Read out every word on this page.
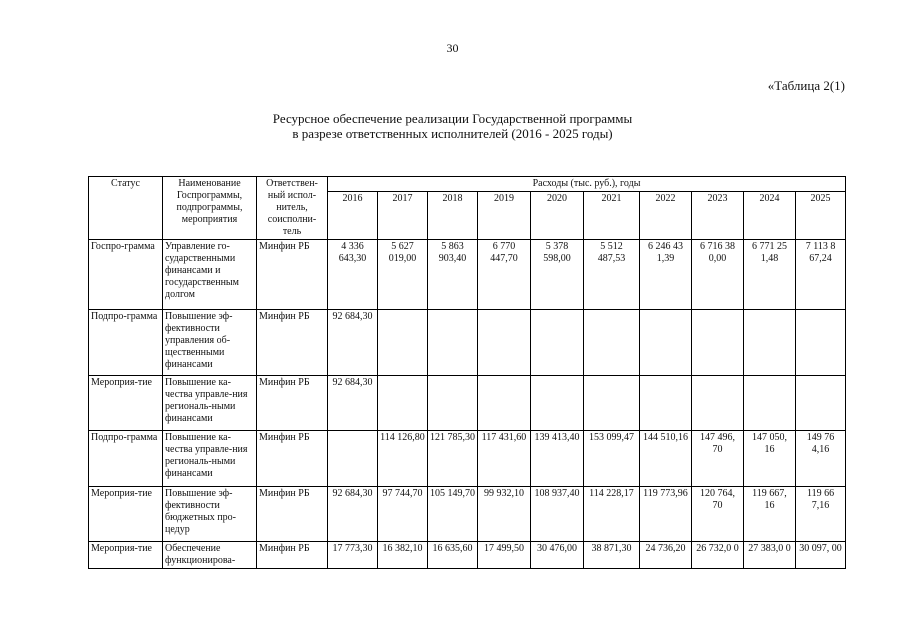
30
«Таблица 2(1)
Ресурсное обеспечение реализации Государственной программы
в разрезе ответственных исполнителей (2016 - 2025 годы)
Статус	Наименование Госпрограммы, подпрограммы, мероприятия	Ответствен-ный испол-нитель, соисполни-тель	Расходы (тыс. руб.), годы									
			2016	2017	2018	2019	2020	2021	2022	2023	2024	2025
Госпро-грамма	Управление го-сударственными финансами и государственным долгом	Минфин РБ	4 336 643,30	5 627 019,00	5 863 903,40	6 770 447,70	5 378 598,00	5 512 487,53	6 246 43 1,39	6 716 38 0,00	6 771 25 1,48	7 113 8 67,24
Подпро-грамма	Повышение эф-фективности управления об-щественными финансами	Минфин РБ	92 684,30									
Мероприя-тие	Повышение ка-чества управле-ния региональ-ными финансами	Минфин РБ	92 684,30									
Подпро-грамма	Повышение ка-чества управле-ния региональ-ными финансами	Минфин РБ		114 126,80	121 785,30	117 431,60	139 413,40	153 099,47	144 510,16	147 496, 70	147 050, 16	149 76 4,16
Мероприя-тие	Повышение эф-фективности бюджетных про-цедур	Минфин РБ	92 684,30	97 744,70	105 149,70	99 932,10	108 937,40	114 228,17	119 773,96	120 764, 70	119 667, 16	119 66 7,16
Мероприя-тие	Обеспечение функционирова-	Минфин РБ	17 773,30	16 382,10	16 635,60	17 499,50	30 476,00	38 871,30	24 736,20	26 732,0 0	27 383,0 0	30 097, 00
